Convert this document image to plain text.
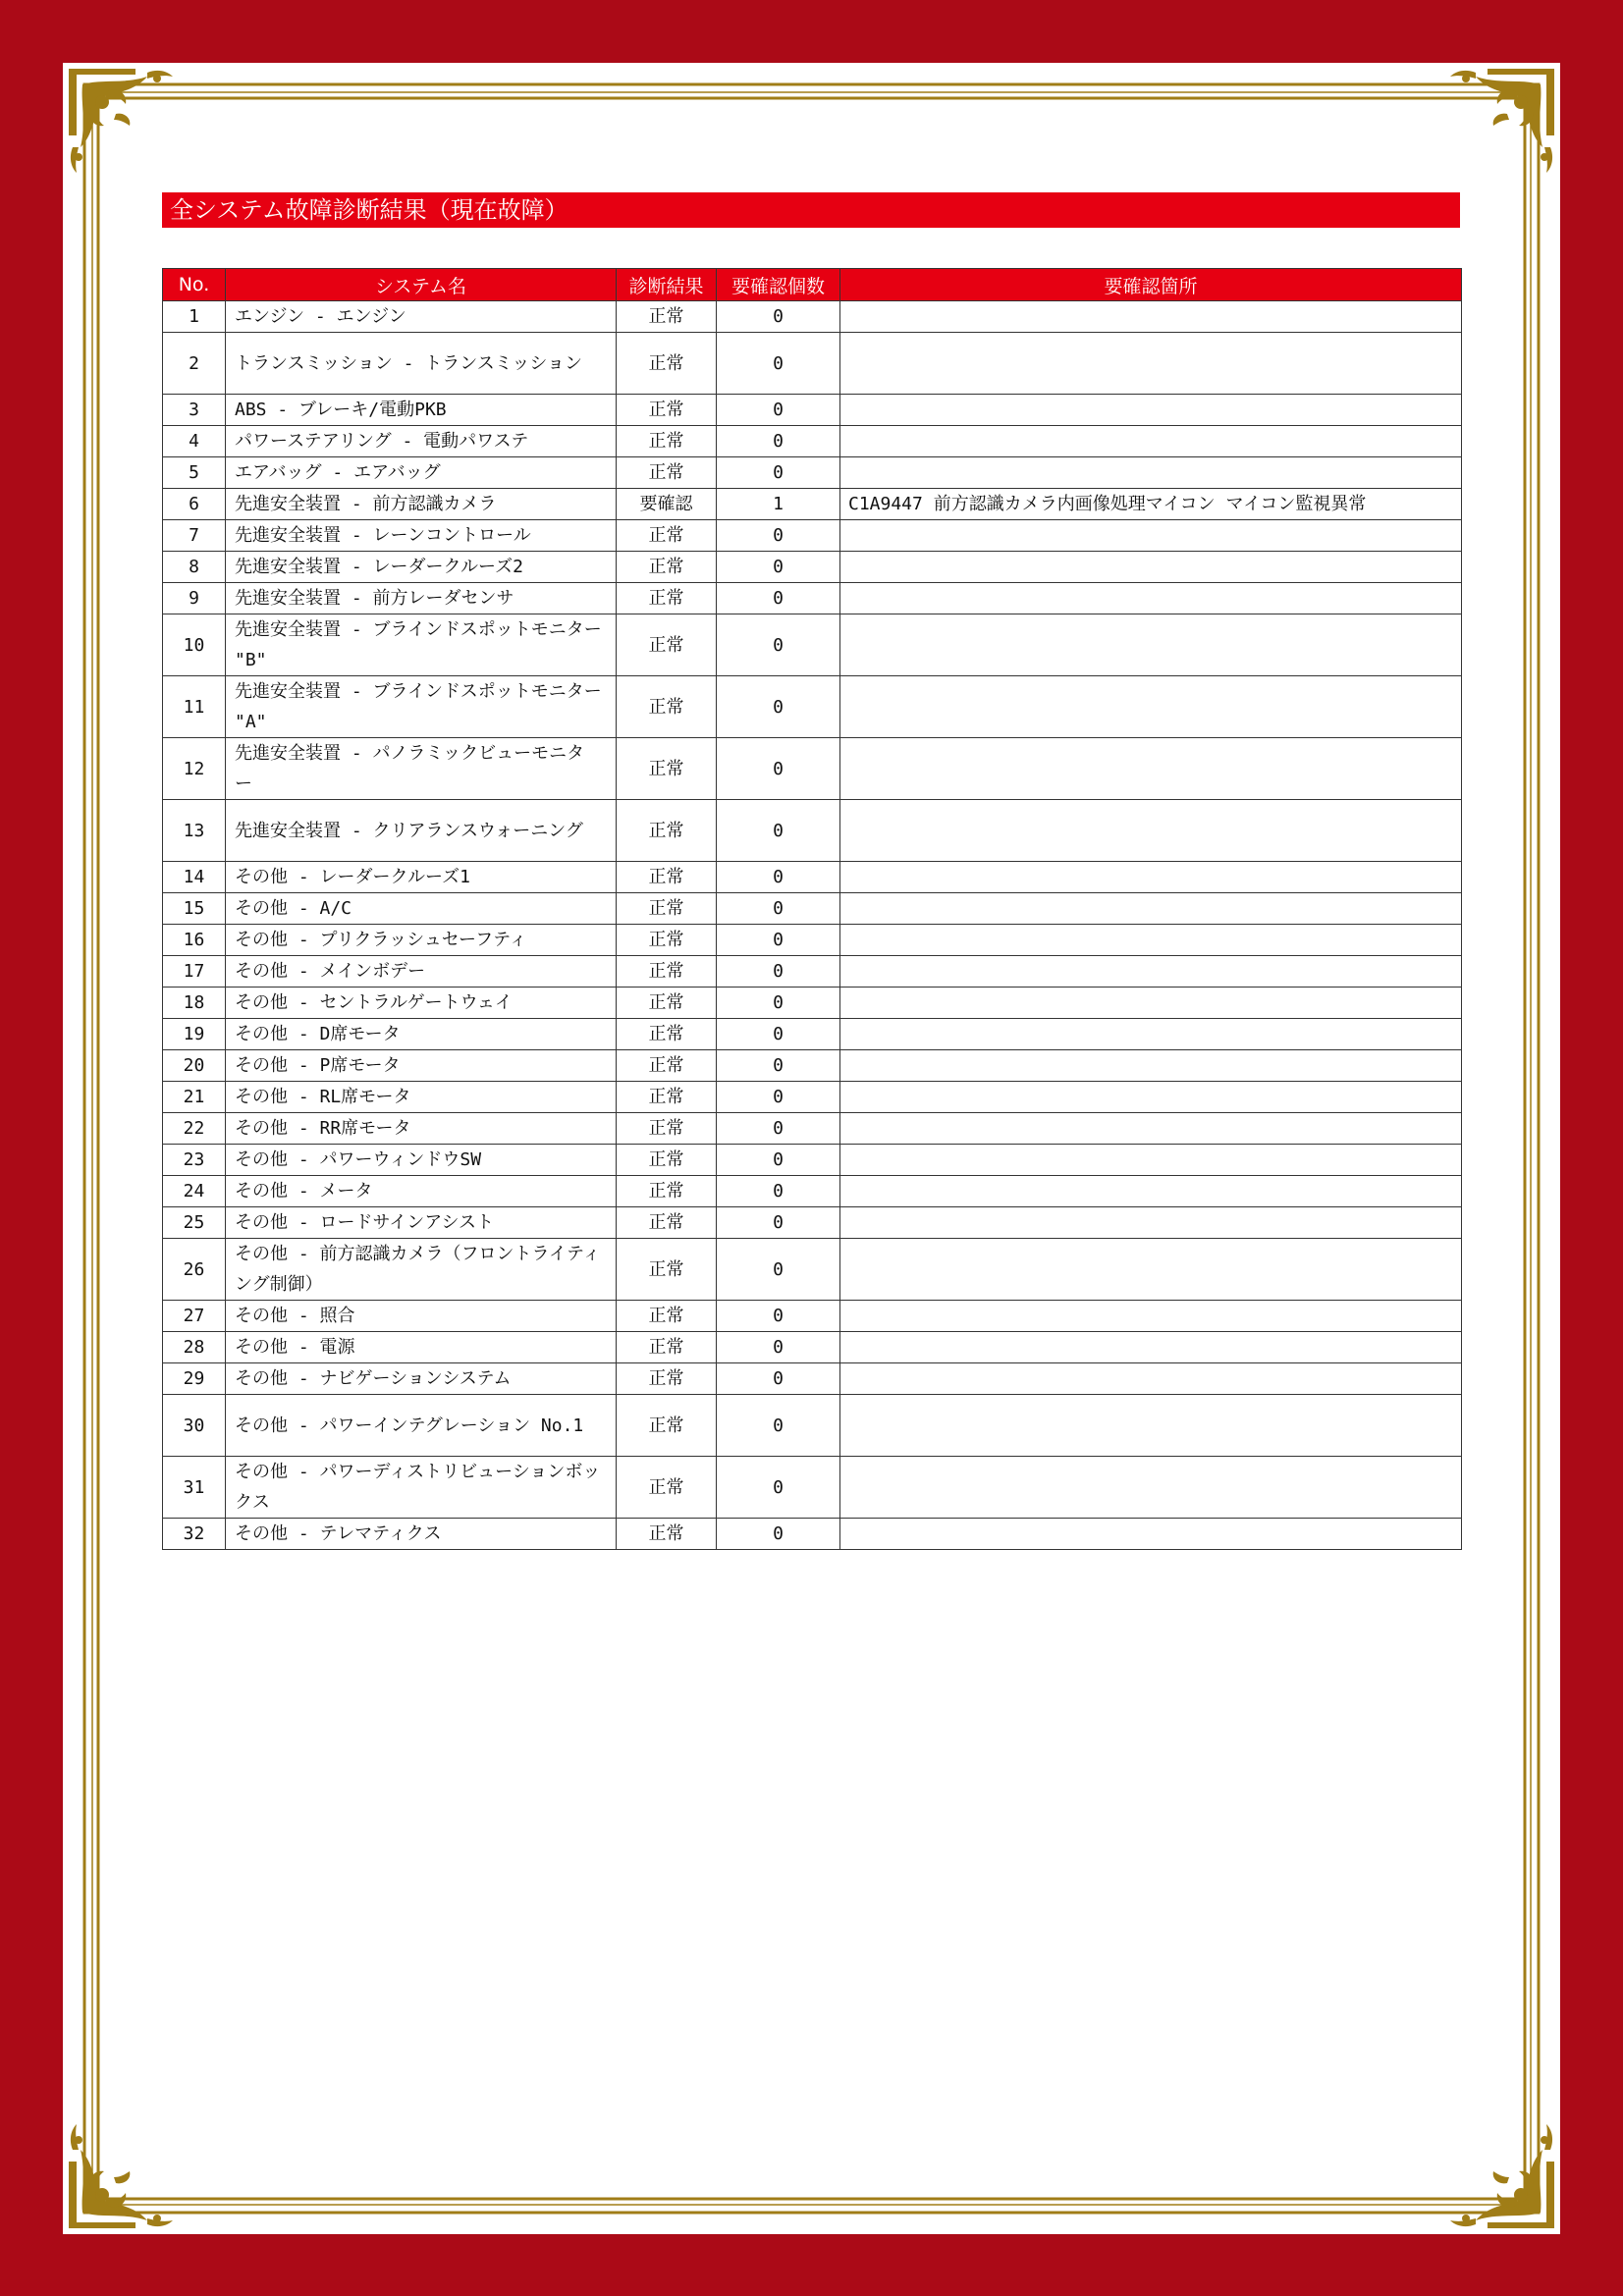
全システム故障診断結果（現在故障）
No.	システム名	診断結果	要確認個数	要確認箇所
1	エンジン - エンジン	正常	0	
2	トランスミッション - トランスミッション	正常	0	
3	ABS - ブレーキ/電動PKB	正常	0	
4	パワーステアリング - 電動パワステ	正常	0	
5	エアバッグ - エアバッグ	正常	0	
6	先進安全装置 - 前方認識カメラ	要確認	1	C1A9447 前方認識カメラ内画像処理マイコン マイコン監視異常
7	先進安全装置 - レーンコントロール	正常	0	
8	先進安全装置 - レーダークルーズ2	正常	0	
9	先進安全装置 - 前方レーダセンサ	正常	0	
10	先進安全装置 - ブラインドスポットモニター "B"	正常	0	
11	先進安全装置 - ブラインドスポットモニター "A"	正常	0	
12	先進安全装置 - パノラミックビューモニター	正常	0	
13	先進安全装置 - クリアランスウォーニング	正常	0	
14	その他 - レーダークルーズ1	正常	0	
15	その他 - A/C	正常	0	
16	その他 - プリクラッシュセーフティ	正常	0	
17	その他 - メインボデー	正常	0	
18	その他 - セントラルゲートウェイ	正常	0	
19	その他 - D席モータ	正常	0	
20	その他 - P席モータ	正常	0	
21	その他 - RL席モータ	正常	0	
22	その他 - RR席モータ	正常	0	
23	その他 - パワーウィンドウSW	正常	0	
24	その他 - メータ	正常	0	
25	その他 - ロードサインアシスト	正常	0	
26	その他 - 前方認識カメラ（フロントライティング制御）	正常	0	
27	その他 - 照合	正常	0	
28	その他 - 電源	正常	0	
29	その他 - ナビゲーションシステム	正常	0	
30	その他 - パワーインテグレーション No.1	正常	0	
31	その他 - パワーディストリビューションボックス	正常	0	
32	その他 - テレマティクス	正常	0	
